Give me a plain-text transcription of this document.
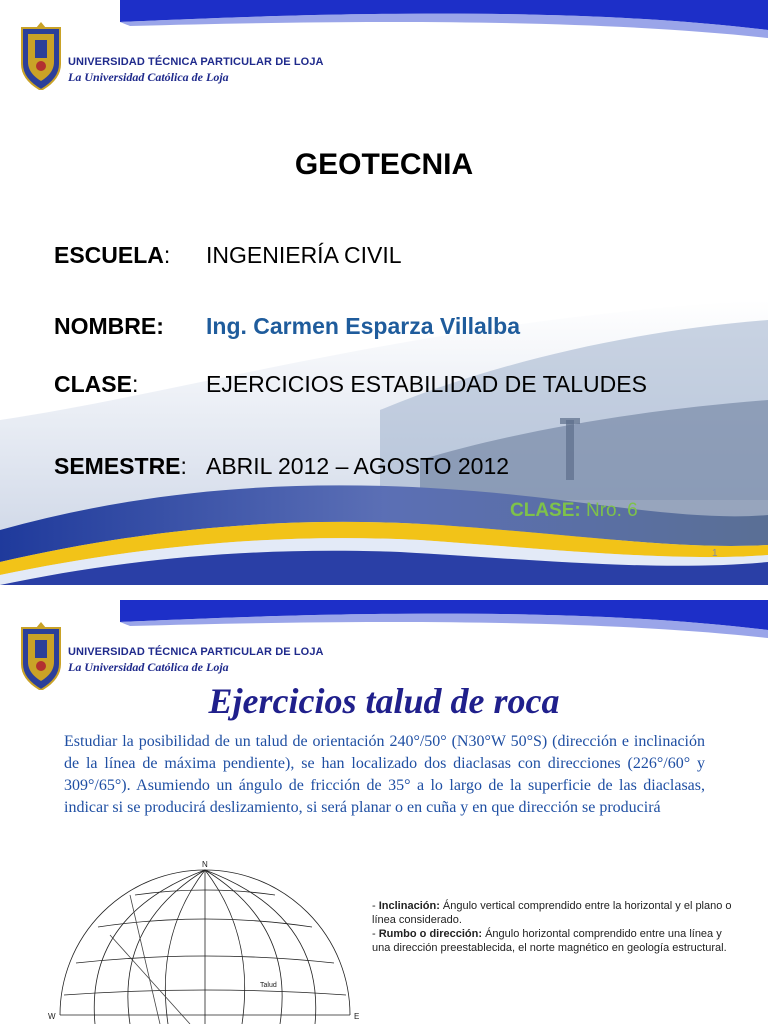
UNIVERSIDAD TÉCNICA PARTICULAR DE LOJA
La Universidad Católica de Loja
GEOTECNIA
ESCUELA: INGENIERÍA CIVIL
NOMBRE: Ing. Carmen Esparza Villalba
CLASE:	EJERCICIOS ESTABILIDAD DE TALUDES
SEMESTRE: ABRIL 2012 – AGOSTO 2012
CLASE: Nro. 6
1
UNIVERSIDAD TÉCNICA PARTICULAR DE LOJA
La Universidad Católica de Loja
Ejercicios talud de roca
Estudiar la posibilidad de un talud de orientación 240°/50° (N30°W 50°S) (dirección e inclinación de la línea de máxima pendiente), se han localizado dos diaclasas con direcciones (226°/60° y 309°/65°). Asumiendo un ángulo de fricción de 35° a lo largo de la superficie de las diaclasas, indicar si se producirá deslizamiento, si será planar o en cuña y en que dirección se producirá
N
W	E
Talud

- Inclinación: Ángulo vertical comprendido entre la horizontal y el plano o línea considerado.

- Rumbo o dirección: Ángulo horizontal comprendido entre una línea y una dirección preestablecida, el norte magnético en geología estructural.
